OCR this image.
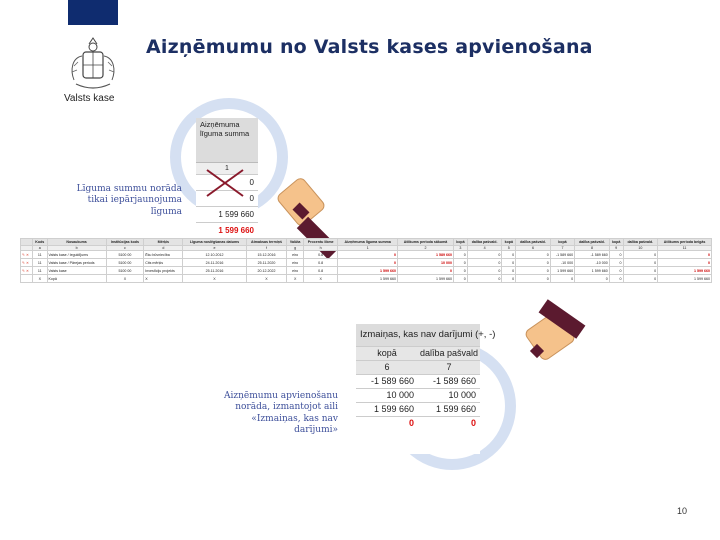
Valsts kase
Aizņēmumu no Valsts kases apvienošana
Aizņēmuma līguma summa
1
0
0
1 599 660
1 599 660
Līguma summu norāda tikai iepārjaunojuma līguma
Aizņēmumu apvienošanu norāda, izmantojot aili «Izmaiņas, kas nav darījumi»
Izmaiņas, kas nav darījumi (+, -)
kopā	dalība pašvald
6	7
-1 589 660	-1 589 660
10 000	10 000
1 599 660	1 599 660
0	0
	Kods	Nosaukums	Institūcijas kods	Mērķis	Līguma noslēgšanas datums	Atmaksas termiņš	Valūta	Procentu likme	Aizņēmuma līguma summa	Atlikums perioda sākumā	kopā	dalība pašvald.	kopā	dalība pašvald.	kopā	dalība pašvald.	kopā	dalība pašvald.	Atlikums perioda beigās
	a	b	c	d	e	f	g	h	1	2	3	4	5	6	7	8	9	10	11
✎ ✕	11	Valsts kase / Ieguldījums	5100 00	Ēku būvniecība	12.10.2012	15.12.2016	eiro	0.8	0	1 589 660	0	0	0	0	-1 589 660	-1 589 660	0	0	0
✎ ✕	11	Valsts kase / Pārejas periods	5100 00	Cits mērķis	24.11.2016	25.11.2020	eiro	0.8	0	10 000	0	0	0	0	-10 000	-10 000	0	0	0
✎ ✕	11	Valsts kase	5100 00	Investīciju projekts	25.11.2016	20.12.2022	eiro	0.8	1 599 660	0	0	0	0	0	1 599 660	1 599 660	0	0	1 599 660
	X	Kopā	X	X	X	X	X	X	1 599 660	1 599 660	0	0	0	0	0	0	0	0	1 599 660
10
